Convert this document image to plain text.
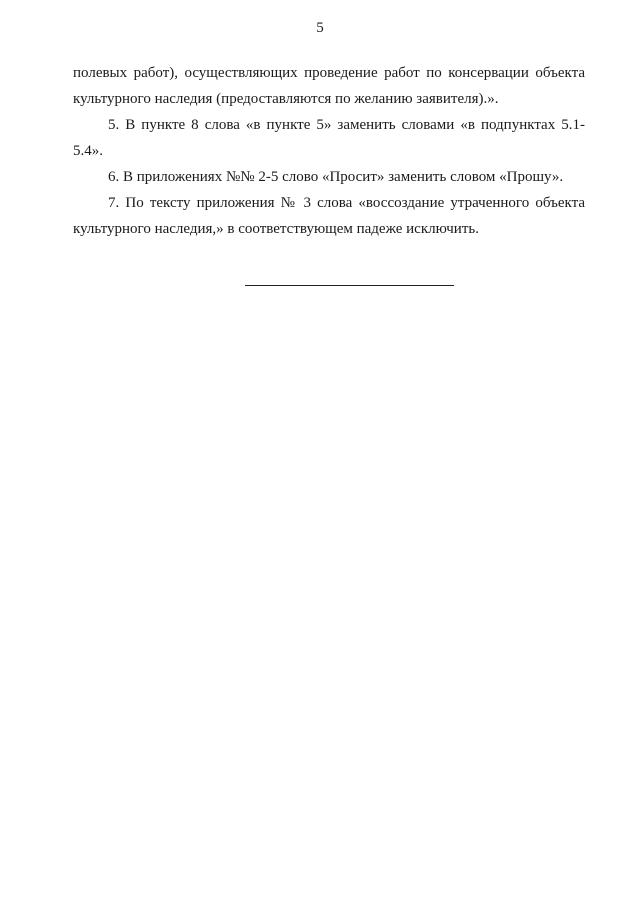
5

полевых работ), осуществляющих проведение работ по консервации объекта культурного наследия (предоставляются по желанию заявителя).».

5. В пункте 8 слова «в пункте 5» заменить словами «в подпунктах 5.1-5.4».

6. В приложениях №№ 2-5 слово «Просит» заменить словом «Прошу».

7. По тексту приложения № 3 слова «воссоздание утраченного объекта культурного наследия,» в соответствующем падеже исключить.
